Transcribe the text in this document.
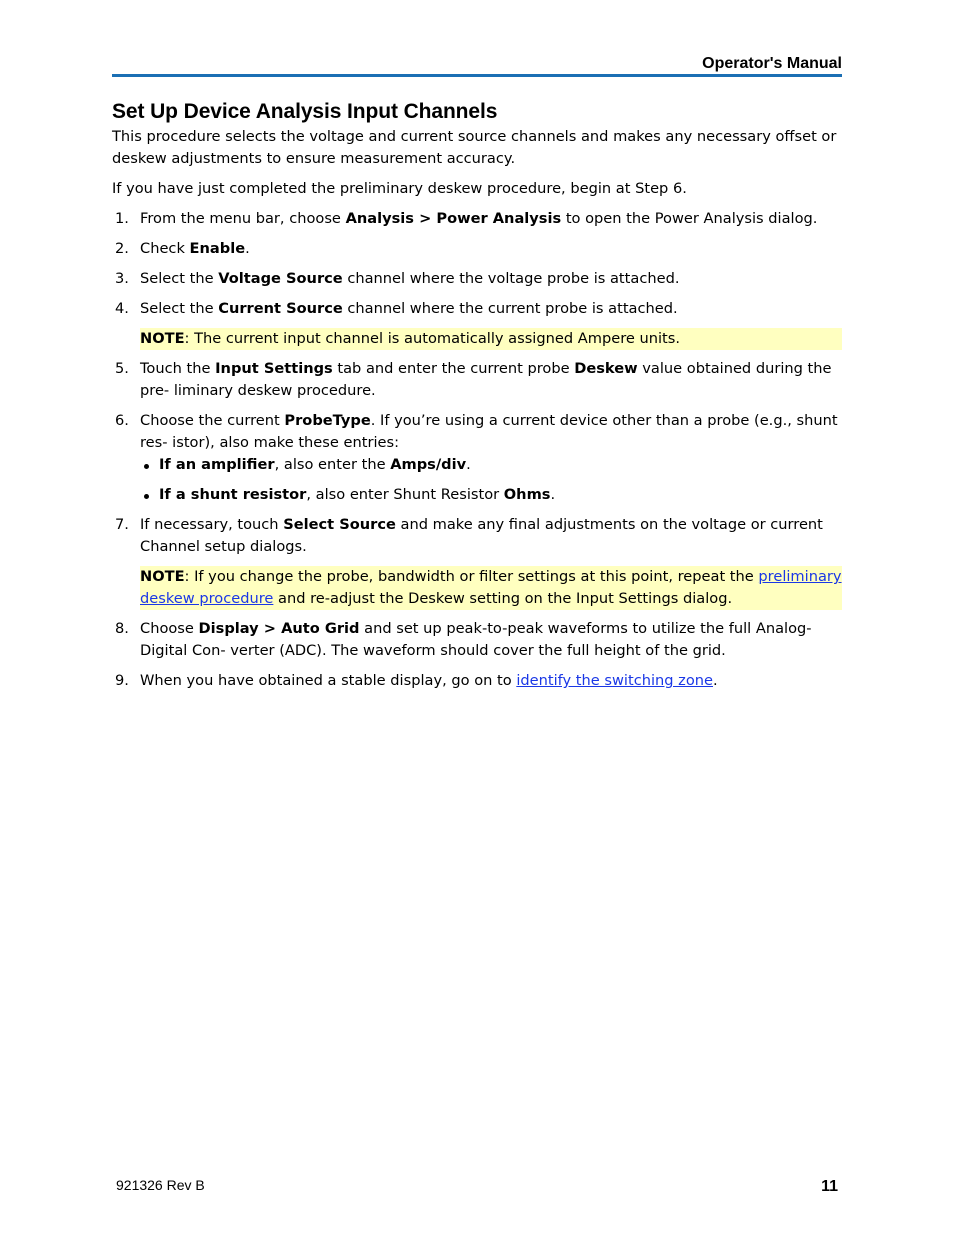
Operator's Manual

Set Up Device Analysis Input Channels

This procedure selects the voltage and current source channels and makes any necessary offset or deskew adjustments to ensure measurement accuracy.

If you have just completed the preliminary deskew procedure, begin at Step 6.

1. From the menu bar, choose Analysis > Power Analysis to open the Power Analysis dialog.
2. Check Enable.
3. Select the Voltage Source channel where the voltage probe is attached.
4. Select the Current Source channel where the current probe is attached.
NOTE: The current input channel is automatically assigned Ampere units.
5. Touch the Input Settings tab and enter the current probe Deskew value obtained during the pre- liminary deskew procedure.
6. Choose the current ProbeType. If you’re using a current device other than a probe (e.g., shunt res- istor), also make these entries:
If an amplifier, also enter the Amps/div.
If a shunt resistor, also enter Shunt Resistor Ohms.
7. If necessary, touch Select Source and make any final adjustments on the voltage or current Channel setup dialogs.
NOTE: If you change the probe, bandwidth or filter settings at this point, repeat the preliminary deskew procedure and re-adjust the Deskew setting on the Input Settings dialog.
8. Choose Display > Auto Grid and set up peak-to-peak waveforms to utilize the full Analog-Digital Con- verter (ADC). The waveform should cover the full height of the grid.
9. When you have obtained a stable display, go on to identify the switching zone.

921326 Rev B	11
